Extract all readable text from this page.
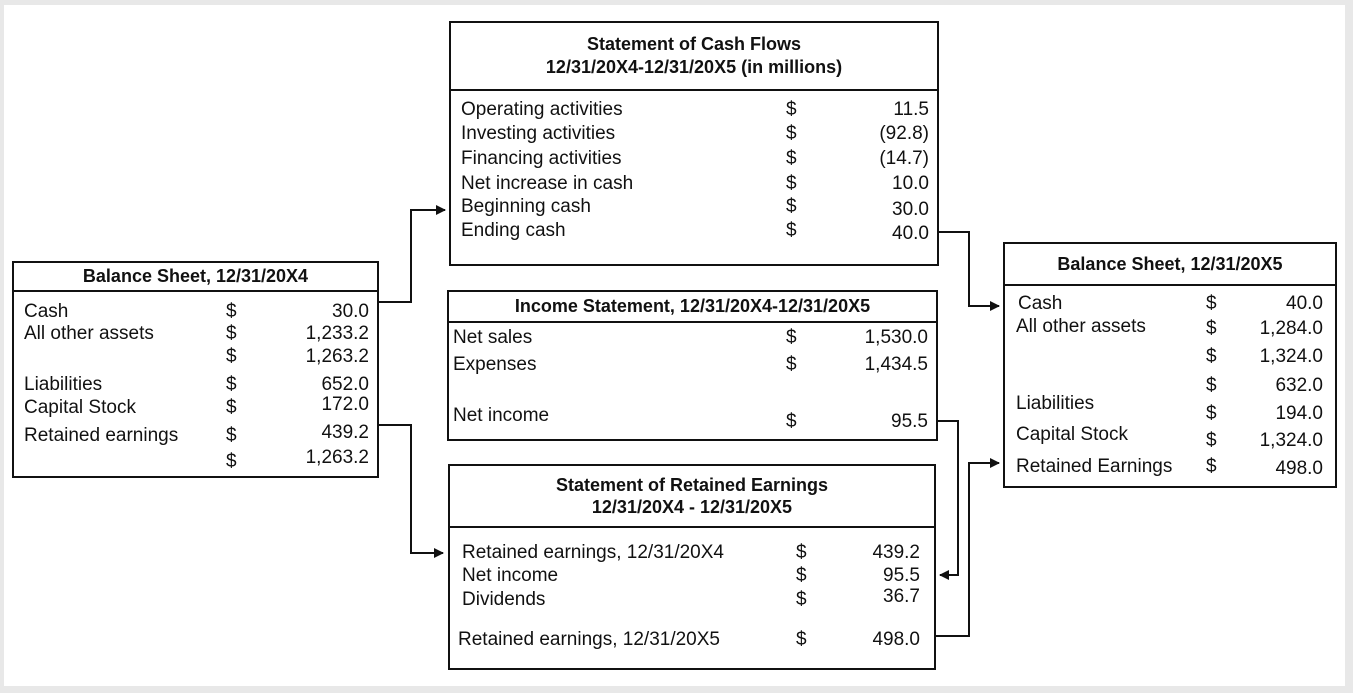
Balance Sheet, 12/31/20X4
Cash	$	30.0
All other assets	$	1,233.2
$	1,263.2
Liabilities	$	652.0
Capital Stock	$	172.0
Retained earnings	$	439.2
$	1,263.2
Statement of Cash Flows
12/31/20X4-12/31/20X5 (in millions)
Operating activities	$	11.5
Investing activities	$	(92.8)
Financing activities	$	(14.7)
Net increase in cash	$	10.0
Beginning cash	$	30.0
Ending cash	$	40.0
Income Statement, 12/31/20X4-12/31/20X5
Net sales	$	1,530.0
Expenses	$	1,434.5
Net income	$	95.5
Statement of Retained Earnings
12/31/20X4 - 12/31/20X5
Retained earnings, 12/31/20X4	$	439.2
Net income	$	95.5
Dividends	$	36.7
Retained earnings, 12/31/20X5	$	498.0
Balance Sheet, 12/31/20X5
Cash	$	40.0
All other assets	$ 1,284.0
$ 1,324.0
$	632.0
Liabilities	$	194.0
Capital Stock	$ 1,324.0
Retained Earnings $	498.0
